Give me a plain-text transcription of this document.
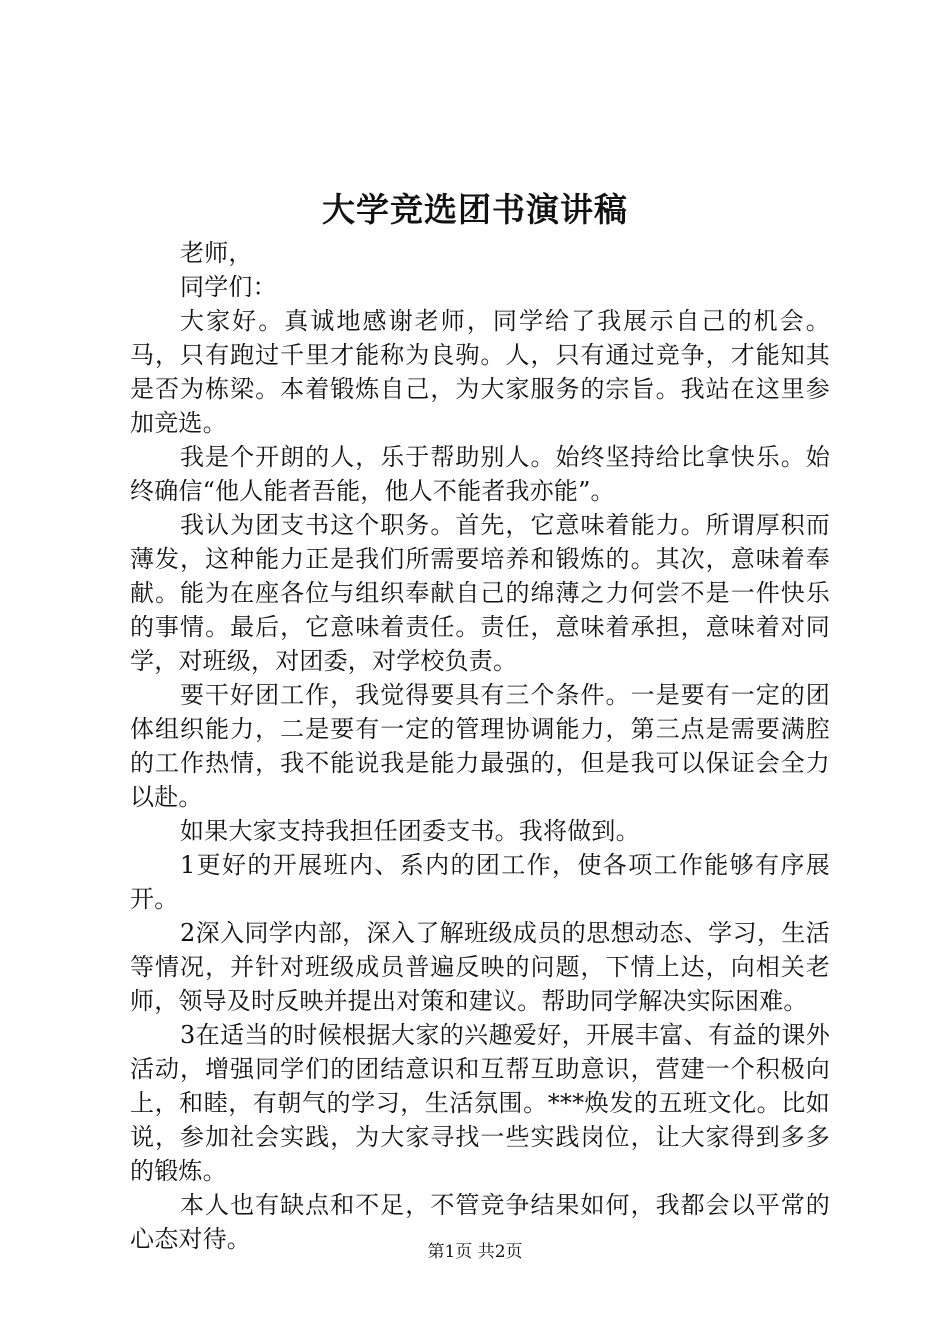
大学竞选团书演讲稿

老师，

同学们：

大家好。真诚地感谢老师，同学给了我展示自己的机会。马，只有跑过千里才能称为良驹。人，只有通过竞争，才能知其是否为栋梁。本着锻炼自己，为大家服务的宗旨。我站在这里参加竞选。

我是个开朗的人，乐于帮助别人。始终坚持给比拿快乐。始终确信“他人能者吾能，他人不能者我亦能”。

我认为团支书这个职务。首先，它意味着能力。所谓厚积而薄发，这种能力正是我们所需要培养和锻炼的。其次，意味着奉献。能为在座各位与组织奉献自己的绵薄之力何尝不是一件快乐的事情。最后，它意味着责任。责任，意味着承担，意味着对同学，对班级，对团委，对学校负责。

要干好团工作，我觉得要具有三个条件。一是要有一定的团体组织能力，二是要有一定的管理协调能力，第三点是需要满腔的工作热情，我不能说我是能力最强的，但是我可以保证会全力以赴。

如果大家支持我担任团委支书。我将做到。

1更好的开展班内、系内的团工作，使各项工作能够有序展开。

2深入同学内部，深入了解班级成员的思想动态、学习，生活等情况，并针对班级成员普遍反映的问题，下情上达，向相关老师，领导及时反映并提出对策和建议。帮助同学解决实际困难。

3在适当的时候根据大家的兴趣爱好，开展丰富、有益的课外活动，增强同学们的团结意识和互帮互助意识，营建一个积极向上，和睦，有朝气的学习，生活氛围。***焕发的五班文化。比如说，参加社会实践，为大家寻找一些实践岗位，让大家得到多多的锻炼。

本人也有缺点和不足，不管竞争结果如何，我都会以平常的心态对待。	第1页 共2页
